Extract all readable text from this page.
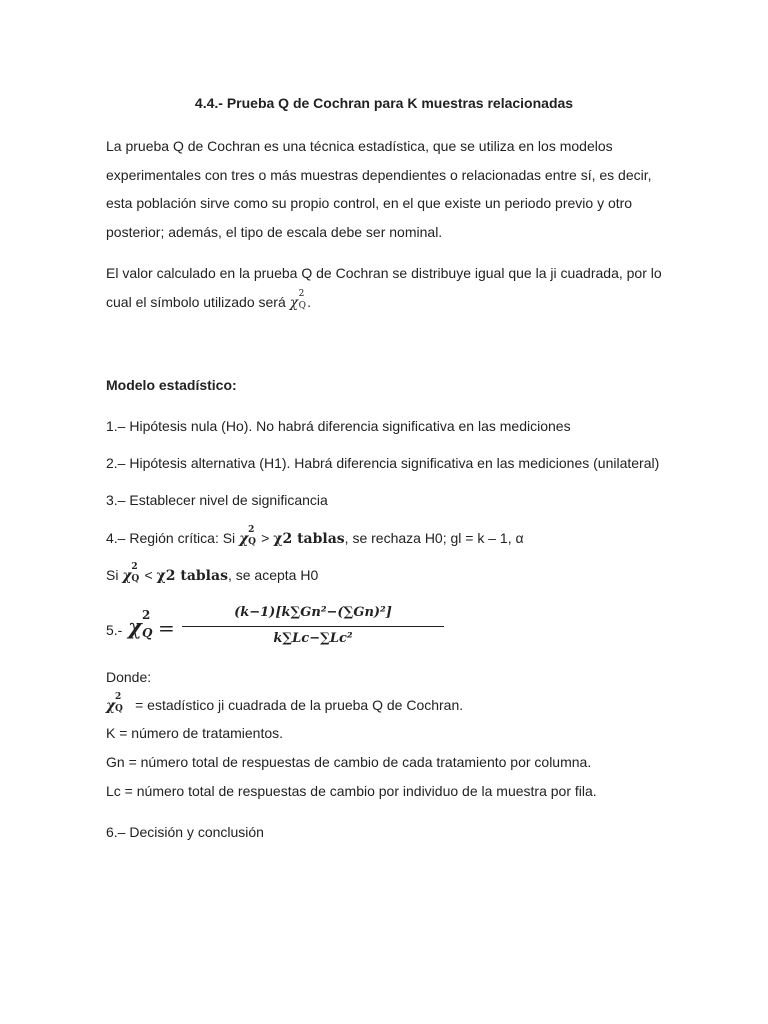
4.4.- Prueba Q de Cochran para K muestras relacionadas
La prueba Q de Cochran es una técnica estadística, que se utiliza en los modelos
experimentales con tres o más muestras dependientes o relacionadas entre sí, es decir,
esta población sirve como su propio control, en el que existe un periodo previo y otro
posterior; además, el tipo de escala debe ser nominal.
El valor calculado en la prueba Q de Cochran se distribuye igual que la ji cuadrada, por lo
cual el símbolo utilizado será χ
2
Q .
Modelo estadístico:
1.– Hipótesis nula (Ho). No habrá diferencia significativa en las mediciones
2.– Hipótesis alternativa (H1). Habrá diferencia significativa en las mediciones (unilateral)
3.– Establecer nivel de significancia
4.– Región crítica: Si χ
2
Q > χ2 tablas, se rechaza H0; gl = k – 1, α
Si χ
2
Q < χ2 tablas, se acepta H0
5.- χ 2
Q =
(k−1)[k∑Gn²−(∑Gn)²]
k∑Lc−∑Lc²
Donde:
χ
2
Q = estadístico ji cuadrada de la prueba Q de Cochran.
K = número de tratamientos.
Gn = número total de respuestas de cambio de cada tratamiento por columna.
Lc = número total de respuestas de cambio por individuo de la muestra por fila.
6.– Decisión y conclusión
